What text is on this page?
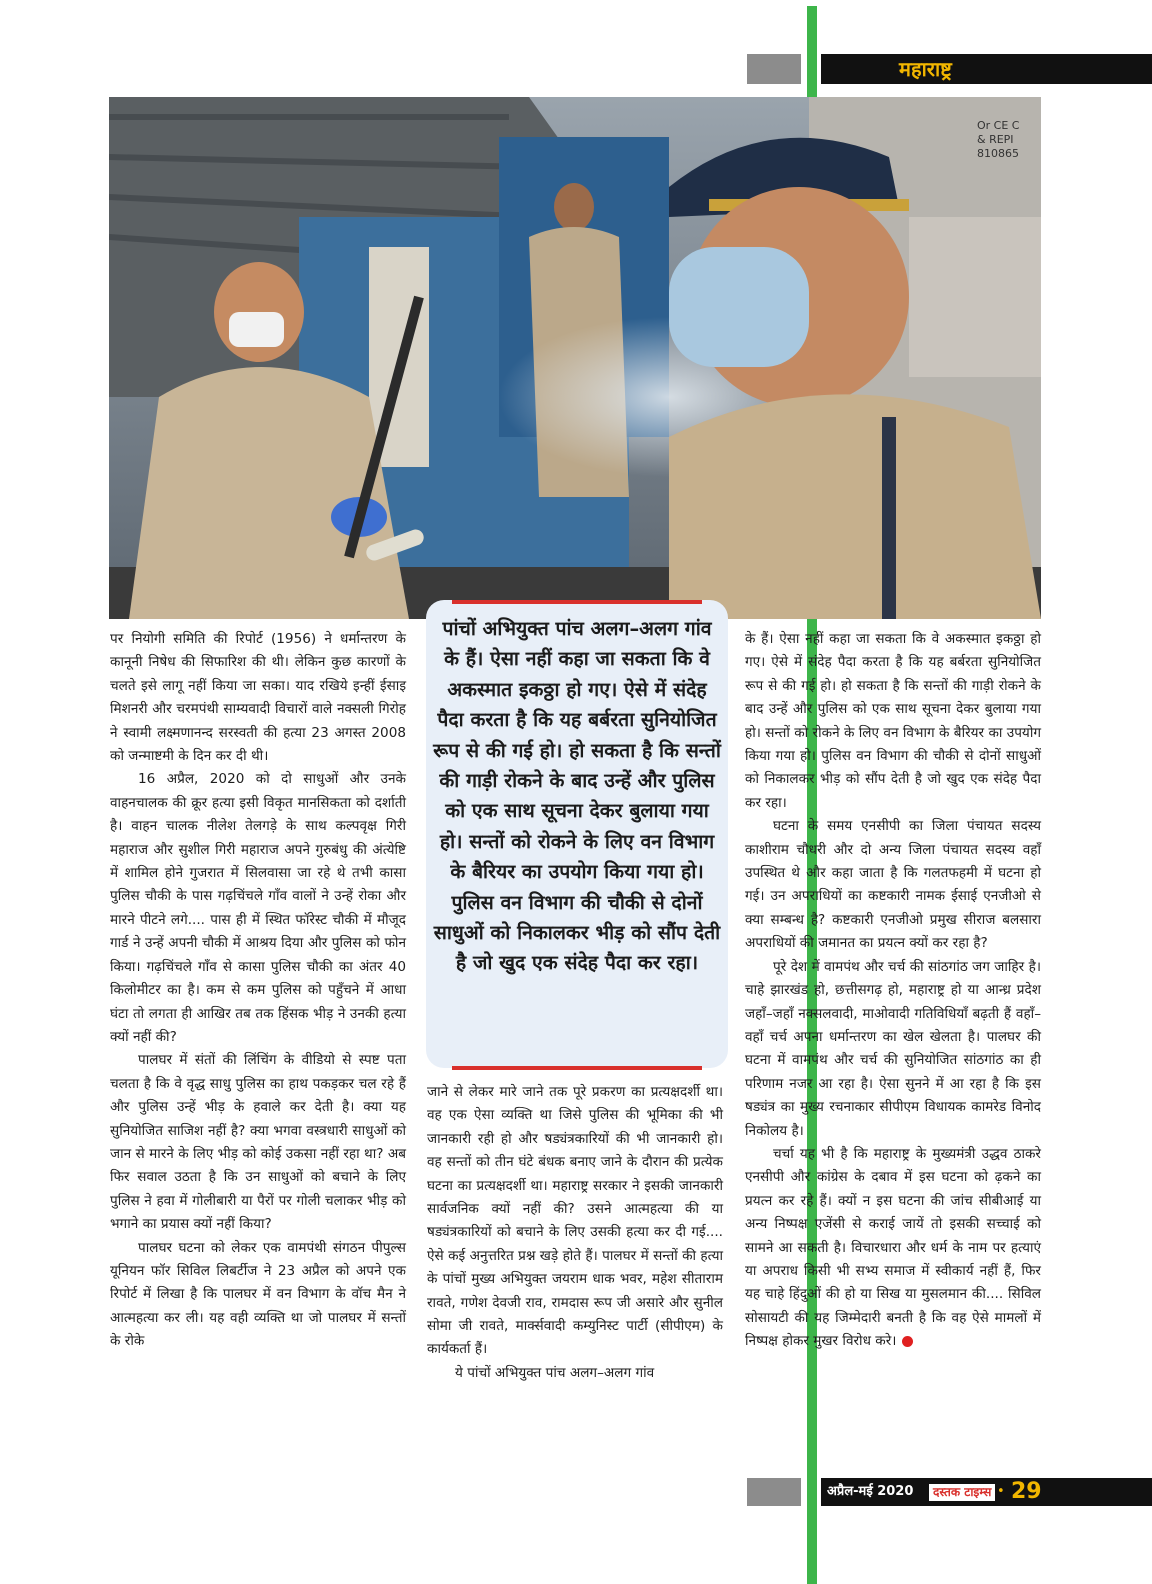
महाराष्ट्र
Or CE C
& REPI
810865

पर नियोगी समिति की रिपोर्ट (1956) ने धर्मान्तरण के कानूनी निषेध की सिफारिश की थी। लेकिन कुछ कारणों के चलते इसे लागू नहीं किया जा सका। याद रखिये इन्हीं ईसाइ मिशनरी और चरमपंथी साम्यवादी विचारों वाले नक्सली गिरोह ने स्वामी लक्ष्मणानन्द सरस्वती की हत्या 23 अगस्त 2008 को जन्माष्टमी के दिन कर दी थी।

16 अप्रैल, 2020 को दो साधुओं और उनके वाहनचालक की क्रूर हत्या इसी विकृत मानसिकता को दर्शाती है। वाहन चालक नीलेश तेलगड़े के साथ कल्पवृक्ष गिरी महाराज और सुशील गिरी महाराज अपने गुरुबंधु की अंत्येष्टि में शामिल होने गुजरात में सिलवासा जा रहे थे तभी कासा पुलिस चौकी के पास गढ़चिंचले गाँव वालों ने उन्हें रोका और मारने पीटने लगे.... पास ही में स्थित फॉरेस्ट चौकी में मौजूद गार्ड ने उन्हें अपनी चौकी में आश्रय दिया और पुलिस को फोन किया। गढ़चिंचले गाँव से कासा पुलिस चौकी का अंतर 40 किलोमीटर का है। कम से कम पुलिस को पहुँचने में आधा घंटा तो लगता ही आखिर तब तक हिंसक भीड़ ने उनकी हत्या क्यों नहीं की?

पालघर में संतों की लिंचिंग के वीडियो से स्पष्ट पता चलता है कि वे वृद्ध साधु पुलिस का हाथ पकड़कर चल रहे हैं और पुलिस उन्हें भीड़ के हवाले कर देती है। क्या यह सुनियोजित साजिश नहीं है? क्या भगवा वस्त्रधारी साधुओं को जान से मारने के लिए भीड़ को कोई उकसा नहीं रहा था? अब फिर सवाल उठता है कि उन साधुओं को बचाने के लिए पुलिस ने हवा में गोलीबारी या पैरों पर गोली चलाकर भीड़ को भगाने का प्रयास क्यों नहीं किया?

पालघर घटना को लेकर एक वामपंथी संगठन पीपुल्स यूनियन फॉर सिविल लिबर्टीज ने 23 अप्रैल को अपने एक रिपोर्ट में लिखा है कि पालघर में वन विभाग के वॉच मैन ने आत्महत्या कर ली। यह वही व्यक्ति था जो पालघर में सन्तों के रोके

पांचों अभियुक्त पांच अलग–अलग गांव के हैं। ऐसा नहीं कहा जा सकता कि वे अकस्मात इकठ्ठा हो गए। ऐसे में संदेह पैदा करता है कि यह बर्बरता सुनियोजित रूप से की गई हो। हो सकता है कि सन्तों की गाड़ी रोकने के बाद उन्हें और पुलिस को एक साथ सूचना देकर बुलाया गया हो। सन्तों को रोकने के लिए वन विभाग के बैरियर का उपयोग किया गया हो। पुलिस वन विभाग की चौकी से दोनों साधुओं को निकालकर भीड़ को सौंप देती है जो खुद एक संदेह पैदा कर रहा।

जाने से लेकर मारे जाने तक पूरे प्रकरण का प्रत्यक्षदर्शी था। वह एक ऐसा व्यक्ति था जिसे पुलिस की भूमिका की भी जानकारी रही हो और षड्यंत्रकारियों की भी जानकारी हो। वह सन्तों को तीन घंटे बंधक बनाए जाने के दौरान की प्रत्येक घटना का प्रत्यक्षदर्शी था। महाराष्ट्र सरकार ने इसकी जानकारी सार्वजनिक क्यों नहीं की? उसने आत्महत्या की या षड्यंत्रकारियों को बचाने के लिए उसकी हत्या कर दी गई.... ऐसे कई अनुत्तरित प्रश्न खड़े होते हैं। पालघर में सन्तों की हत्या के पांचों मुख्य अभियुक्त जयराम धाक भवर, महेश सीताराम रावते, गणेश देवजी राव, रामदास रूप जी असारे और सुनील सोमा जी रावते, मार्क्सवादी कम्युनिस्ट पार्टी (सीपीएम) के कार्यकर्ता हैं।

ये पांचों अभियुक्त पांच अलग–अलग गांव

के हैं। ऐसा नहीं कहा जा सकता कि वे अकस्मात इकठ्ठा हो गए। ऐसे में संदेह पैदा करता है कि यह बर्बरता सुनियोजित रूप से की गई हो। हो सकता है कि सन्तों की गाड़ी रोकने के बाद उन्हें और पुलिस को एक साथ सूचना देकर बुलाया गया हो। सन्तों को रोकने के लिए वन विभाग के बैरियर का उपयोग किया गया हो। पुलिस वन विभाग की चौकी से दोनों साधुओं को निकालकर भीड़ को सौंप देती है जो खुद एक संदेह पैदा कर रहा।

घटना के समय एनसीपी का जिला पंचायत सदस्य काशीराम चौधरी और दो अन्य जिला पंचायत सदस्य वहाँ उपस्थित थे और कहा जाता है कि गलतफहमी में घटना हो गई। उन अपराधियों का कष्टकारी नामक ईसाई एनजीओ से क्या सम्बन्ध है? कष्टकारी एनजीओ प्रमुख सीराज बलसारा अपराधियों की जमानत का प्रयत्न क्यों कर रहा है?

पूरे देश में वामपंथ और चर्च की सांठगांठ जग जाहिर है। चाहे झारखंड हो, छत्तीसगढ़ हो, महाराष्ट्र हो या आन्ध्र प्रदेश जहाँ–जहाँ नक्सलवादी, माओवादी गतिविधियाँ बढ़ती हैं वहाँ–वहाँ चर्च अपना धर्मान्तरण का खेल खेलता है। पालघर की घटना में वामपंथ और चर्च की सुनियोजित सांठगांठ का ही परिणाम नजर आ रहा है। ऐसा सुनने में आ रहा है कि इस षड्यंत्र का मुख्य रचनाकार सीपीएम विधायक कामरेड विनोद निकोलय है।

चर्चा यह भी है कि महाराष्ट्र के मुख्यमंत्री उद्धव ठाकरे एनसीपी और कांग्रेस के दबाव में इस घटना को ढ़कने का प्रयत्न कर रहे हैं। क्यों न इस घटना की जांच सीबीआई या अन्य निष्पक्ष एजेंसी से कराई जायें तो इसकी सच्चाई को सामने आ सकती है। विचारधारा और धर्म के नाम पर हत्याएं या अपराध किसी भी सभ्य समाज में स्वीकार्य नहीं हैं, फिर यह चाहे हिंदुओं की हो या सिख या मुसलमान की.... सिविल सोसायटी की यह जिम्मेदारी बनती है कि वह ऐसे मामलों में निष्पक्ष होकर मुखर विरोध करे।

अप्रैल-मई 2020	दस्तक टाइम्स • 29
